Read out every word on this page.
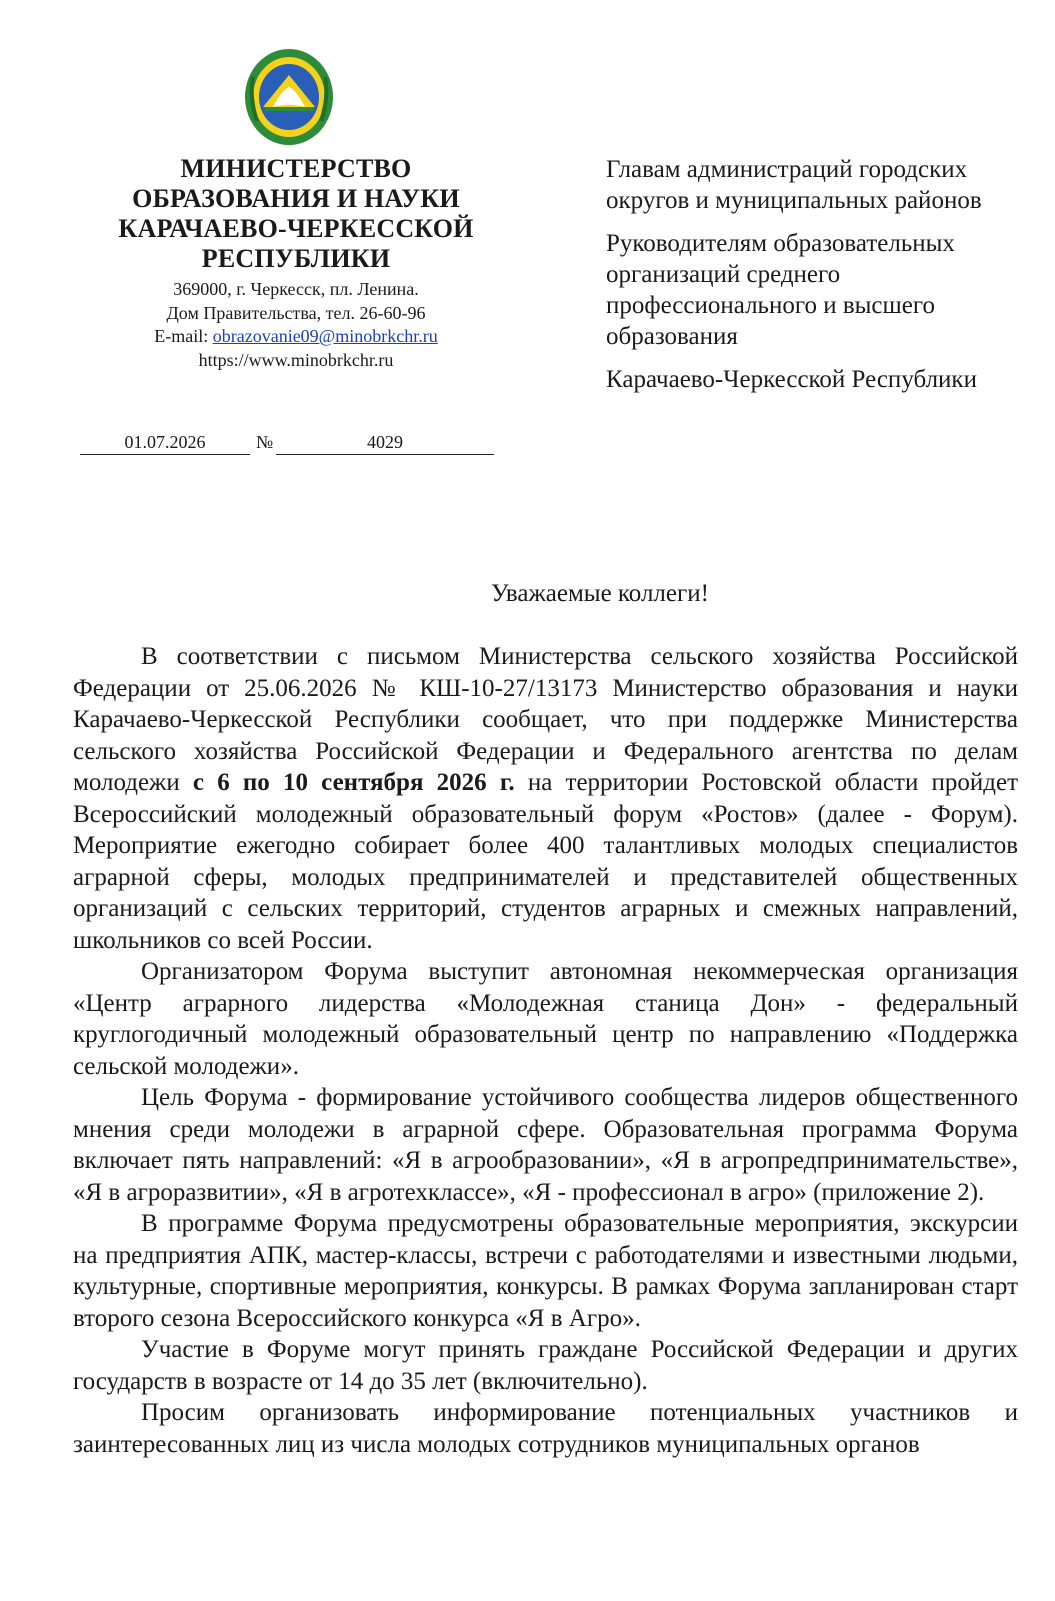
МИНИСТЕРСТВО ОБРАЗОВАНИЯ И НАУКИ КАРАЧАЕВО-ЧЕРКЕССКОЙ РЕСПУБЛИКИ
369000, г. Черкесск, пл. Ленина.
Дом Правительства, тел. 26-60-96
E-mail: obrazovanie09@minobrkchr.ru
https://www.minobrkchr.ru
01.07.2026	№	4029

Главам администраций городских округов и муниципальных районов

Руководителям образовательных организаций среднего профессионального и высшего образования

Карачаево-Черкесской Республики

Уважаемые коллеги!

В соответствии с письмом Министерства сельского хозяйства Российской Федерации от 25.06.2026 № КШ-10-27/13173 Министерство образования и науки Карачаево-Черкесской Республики сообщает, что при поддержке Министерства сельского хозяйства Российской Федерации и Федерального агентства по делам молодежи с 6 по 10 сентября 2026 г. на территории Ростовской области пройдет Всероссийский молодежный образовательный форум «Ростов» (далее - Форум). Мероприятие ежегодно собирает более 400 талантливых молодых специалистов аграрной сферы, молодых предпринимателей и представителей общественных организаций с сельских территорий, студентов аграрных и смежных направлений, школьников со всей России.

Организатором Форума выступит автономная некоммерческая организация «Центр аграрного лидерства «Молодежная станица Дон» - федеральный круглогодичный молодежный образовательный центр по направлению «Поддержка сельской молодежи».

Цель Форума - формирование устойчивого сообщества лидеров общественного мнения среди молодежи в аграрной сфере. Образовательная программа Форума включает пять направлений: «Я в агрообразовании», «Я в агропредпринимательстве», «Я в агроразвитии», «Я в агротехклассе», «Я - профессионал в агро» (приложение 2).

В программе Форума предусмотрены образовательные мероприятия, экскурсии на предприятия АПК, мастер-классы, встречи с работодателями и известными людьми, культурные, спортивные мероприятия, конкурсы. В рамках Форума запланирован старт второго сезона Всероссийского конкурса «Я в Агро».

Участие в Форуме могут принять граждане Российской Федерации и других государств в возрасте от 14 до 35 лет (включительно).

Просим организовать информирование потенциальных участников и заинтересованных лиц из числа молодых сотрудников муниципальных органов
